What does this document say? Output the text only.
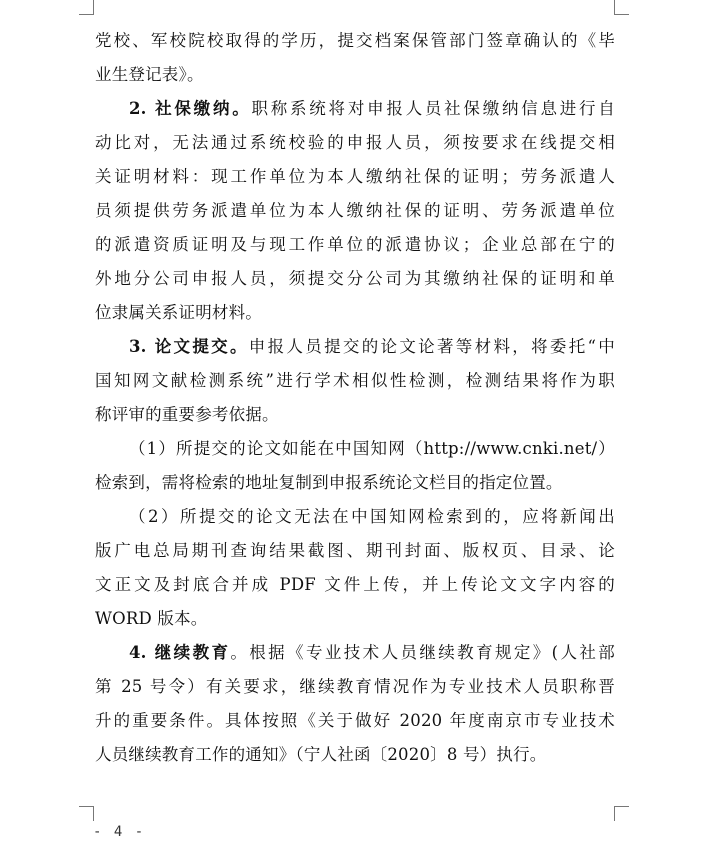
党校、军校院校取得的学历，提交档案保管部门签章确认的《毕
业生登记表》。
2. 社保缴纳。职称系统将对申报人员社保缴纳信息进行自
动比对，无法通过系统校验的申报人员，须按要求在线提交相
关证明材料：现工作单位为本人缴纳社保的证明；劳务派遣人
员须提供劳务派遣单位为本人缴纳社保的证明、劳务派遣单位
的派遣资质证明及与现工作单位的派遣协议；企业总部在宁的
外地分公司申报人员，须提交分公司为其缴纳社保的证明和单
位隶属关系证明材料。
3. 论文提交。申报人员提交的论文论著等材料，将委托“中
国知网文献检测系统”进行学术相似性检测，检测结果将作为职
称评审的重要参考依据。
（1）所提交的论文如能在中国知网（http://www.cnki.net/）
检索到，需将检索的地址复制到申报系统论文栏目的指定位置。
（2）所提交的论文无法在中国知网检索到的，应将新闻出
版广电总局期刊查询结果截图、期刊封面、版权页、目录、论
文正文及封底合并成 PDF 文件上传，并上传论文文字内容的
WORD 版本。
4. 继续教育。根据《专业技术人员继续教育规定》(人社部
第 25 号令）有关要求，继续教育情况作为专业技术人员职称晋
升的重要条件。具体按照《关于做好 2020 年度南京市专业技术
人员继续教育工作的通知》（宁人社函〔2020〕8 号）执行。
- 4 -
